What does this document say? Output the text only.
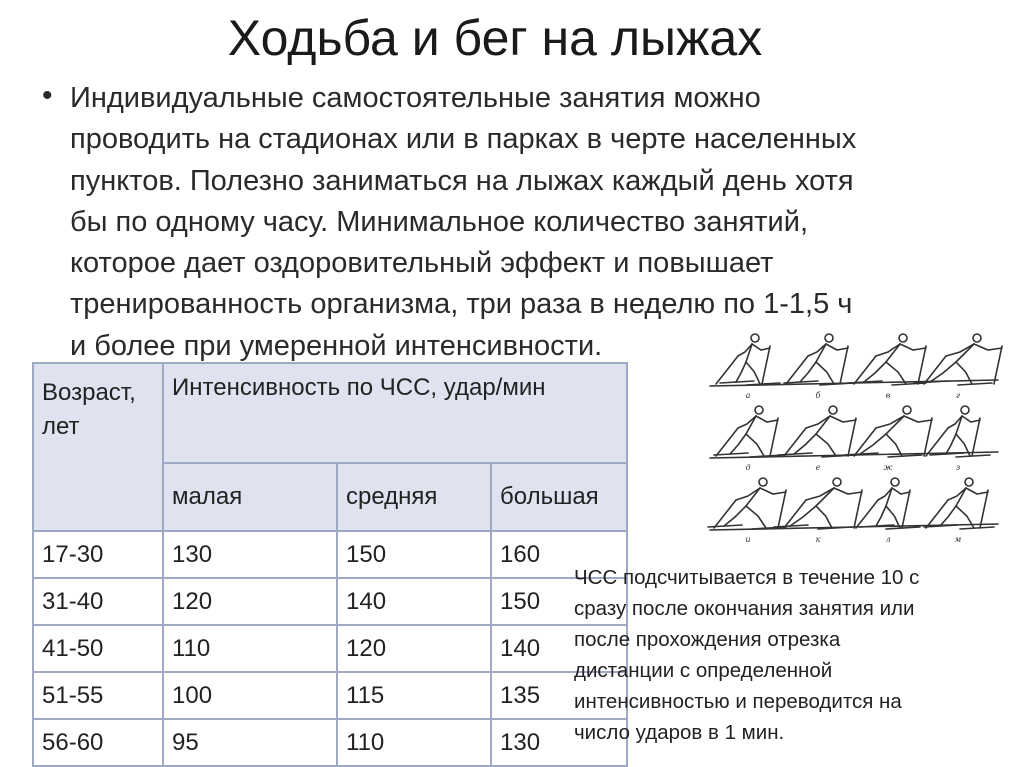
Ходьба и бег на лыжах
• Индивидуальные самостоятельные занятия можно
проводить на стадионах или в парках в черте населенных
пунктов. Полезно заниматься на лыжах каждый день хотя
бы по одному часу. Минимальное количество занятий,
которое дает оздоровительный эффект и повышает
тренированность организма, три раза в неделю по 1-1,5 ч
и более при умеренной интенсивности.
Возраст,
лет	Интенсивность по ЧСС, удар/мин		
	малая	средняя	большая
17-30	130	150	160
31-40	120	140	150
41-50	110	120	140
51-55	100	115	135
56-60	95	110	130
ЧСС подсчитывается в течение 10 с
сразу после окончания занятия или
после прохождения отрезка
дистанции с определенной
интенсивностью и переводится на
число ударов в 1 мин.
а	б	в	г
д	е	ж	з
и	к	л	м
